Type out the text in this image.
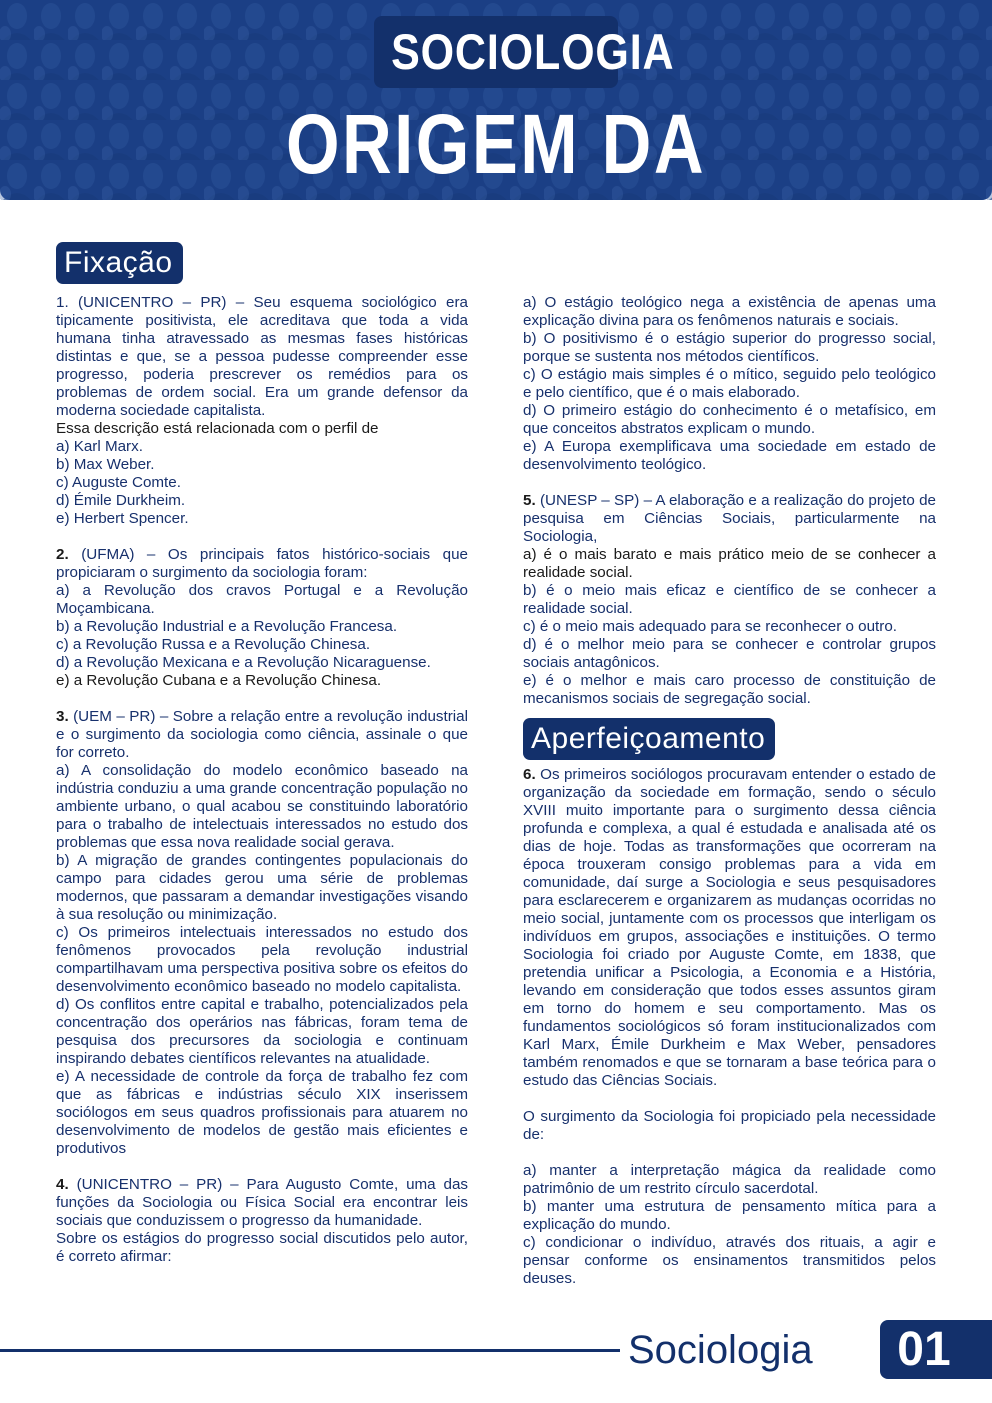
SOCIOLOGIA
ORIGEM DA SOCIOLOGIA
Fixação

1. (UNICENTRO – PR) – Seu esquema sociológico era tipicamente positivista, ele acreditava que toda a vida humana tinha atravessado as mesmas fases históricas distintas e que, se a pessoa pudesse compreender esse progresso, poderia prescrever os remédios para os problemas de ordem social. Era um grande defensor da moderna sociedade capitalista.

Essa descrição está relacionada com o perfil de

a) Karl Marx.

b) Max Weber.

c) Auguste Comte.

d) Émile Durkheim.

e) Herbert Spencer.

2. (UFMA) – Os principais fatos histórico-sociais que propiciaram o surgimento da sociologia foram:

a) a Revolução dos cravos Portugal e a Revolução Moçambicana.

b) a Revolução Industrial e a Revolução Francesa.

c) a Revolução Russa e a Revolução Chinesa.

d) a Revolução Mexicana e a Revolução Nicaraguense.

e) a Revolução Cubana e a Revolução Chinesa.

3. (UEM – PR) – Sobre a relação entre a revolução industrial e o surgimento da sociologia como ciência, assinale o que for correto.

a) A consolidação do modelo econômico baseado na indústria conduziu a uma grande concentração população no ambiente urbano, o qual acabou se constituindo laboratório para o trabalho de intelectuais interessados no estudo dos problemas que essa nova realidade social gerava.

b) A migração de grandes contingentes populacionais do campo para cidades gerou uma série de problemas modernos, que passaram a demandar investigações visando à sua resolução ou minimização.

c) Os primeiros intelectuais interessados no estudo dos fenômenos provocados pela revolução industrial compartilhavam uma perspectiva positiva sobre os efeitos do desenvolvimento econômico baseado no modelo capitalista.

d) Os conflitos entre capital e trabalho, potencializados pela concentração dos operários nas fábricas, foram tema de pesquisa dos precursores da sociologia e continuam inspirando debates científicos relevantes na atualidade.

e) A necessidade de controle da força de trabalho fez com que as fábricas e indústrias século XIX inserissem sociólogos em seus quadros profissionais para atuarem no desenvolvimento de modelos de gestão mais eficientes e produtivos

4. (UNICENTRO – PR) – Para Augusto Comte, uma das funções da Sociologia ou Física Social era encontrar leis sociais que conduzissem o progresso da humanidade.

Sobre os estágios do progresso social discutidos pelo autor, é correto afirmar:

a) O estágio teológico nega a existência de apenas uma explicação divina para os fenômenos naturais e sociais.

b) O positivismo é o estágio superior do progresso social, porque se sustenta nos métodos científicos.

c) O estágio mais simples é o mítico, seguido pelo teológico e pelo científico, que é o mais elaborado.

d) O primeiro estágio do conhecimento é o metafísico, em que conceitos abstratos explicam o mundo.

e) A Europa exemplificava uma sociedade em estado de desenvolvimento teológico.

5. (UNESP – SP) – A elaboração e a realização do projeto de pesquisa em Ciências Sociais, particularmente na Sociologia,

a) é o mais barato e mais prático meio de se conhecer a realidade social.

b) é o meio mais eficaz e científico de se conhecer a realidade social.

c) é o meio mais adequado para se reconhecer o outro.

d) é o melhor meio para se conhecer e controlar grupos sociais antagônicos.

e) é o melhor e mais caro processo de constituição de mecanismos sociais de segregação social.

Aperfeiçoamento

6. Os primeiros sociólogos procuravam entender o estado de organização da sociedade em formação, sendo o século XVIII muito importante para o surgimento dessa ciência profunda e complexa, a qual é estudada e analisada até os dias de hoje. Todas as transformações que ocorreram na época trouxeram consigo problemas para a vida em comunidade, daí surge a Sociologia e seus pesquisadores para esclarecerem e organizarem as mudanças ocorridas no meio social, juntamente com os processos que interligam os indivíduos em grupos, associações e instituições. O termo Sociologia foi criado por Auguste Comte, em 1838, que pretendia unificar a Psicologia, a Economia e a História, levando em consideração que todos esses assuntos giram em torno do homem e seu comportamento. Mas os fundamentos sociológicos só foram institucionalizados com Karl Marx, Émile Durkheim e Max Weber, pensadores também renomados e que se tornaram a base teórica para o estudo das Ciências Sociais.

O surgimento da Sociologia foi propiciado pela necessidade de:

a) manter a interpretação mágica da realidade como patrimônio de um restrito círculo sacerdotal.

b) manter uma estrutura de pensamento mítica para a explicação do mundo.

c) condicionar o indivíduo, através dos rituais, a agir e pensar conforme os ensinamentos transmitidos pelos deuses.

Sociologia	01
